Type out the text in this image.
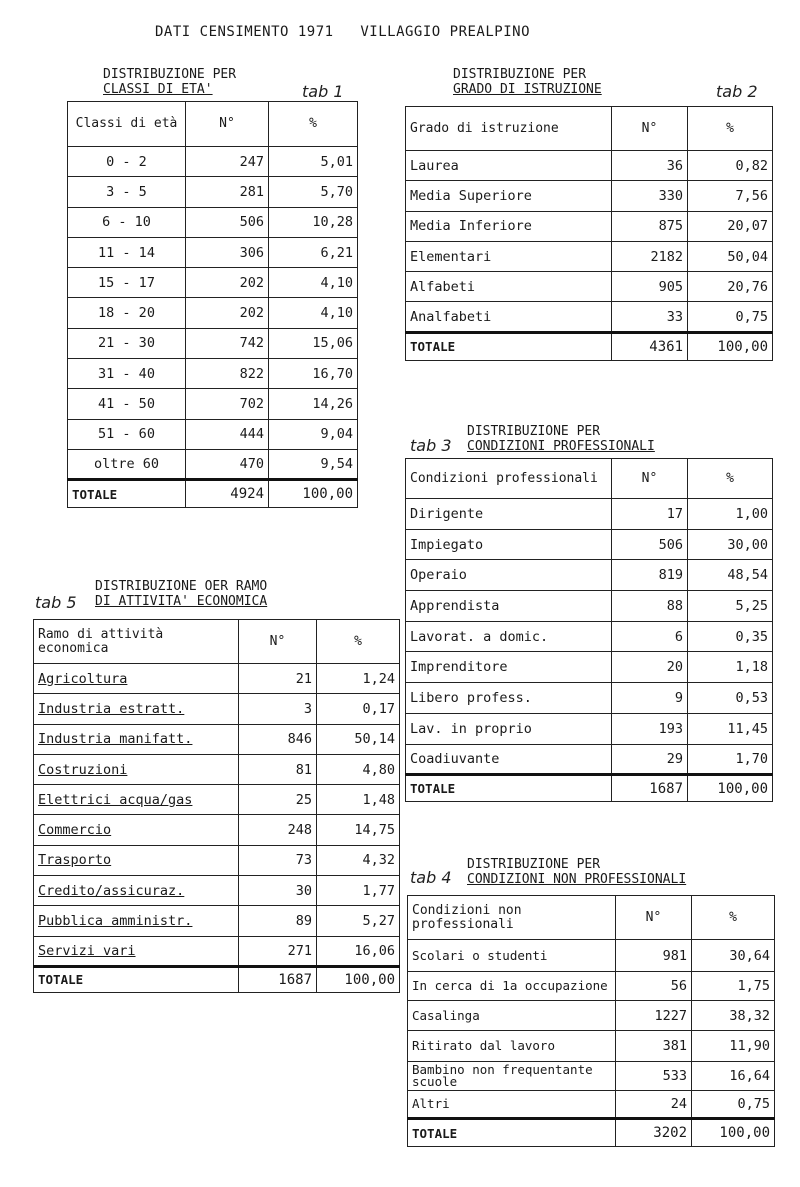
DATI CENSIMENTO 1971   VILLAGGIO PREALPINO
DISTRIBUZIONE PER
CLASSI DI ETA'	tab 1
Classi di età	N°	%
0 - 2	247	5,01
3 - 5	281	5,70
6 - 10	506	10,28
11 - 14	306	6,21
15 - 17	202	4,10
18 - 20	202	4,10
21 - 30	742	15,06
31 - 40	822	16,70
41 - 50	702	14,26
51 - 60	444	9,04
oltre 60	470	9,54
TOTALE	4924	100,00
DISTRIBUZIONE PER
GRADO DI ISTRUZIONE	tab 2
Grado di istruzione	N°	%
Laurea	36	0,82
Media Superiore	330	7,56
Media Inferiore	875	20,07
Elementari	2182	50,04
Alfabeti	905	20,76
Analfabeti	33	0,75
TOTALE	4361	100,00
DISTRIBUZIONE PER
CONDIZIONI PROFESSIONALI
tab 3
Condizioni professionali	N°	%
Dirigente	17	1,00
Impiegato	506	30,00
Operaio	819	48,54
Apprendista	88	5,25
Lavorat. a domic.	6	0,35
Imprenditore	20	1,18
Libero profess.	9	0,53
Lav. in proprio	193	11,45
Coadiuvante	29	1,70
TOTALE	1687	100,00
DISTRIBUZIONE OER RAMO
DI ATTIVITA' ECONOMICA
tab 5
Ramo di attività economica	N°	%
Agricoltura	21	1,24
Industria estratt.	3	0,17
Industria manifatt.	846	50,14
Costruzioni	81	4,80
Elettrici acqua/gas	25	1,48
Commercio	248	14,75
Trasporto	73	4,32
Credito/assicuraz.	30	1,77
Pubblica amministr.	89	5,27
Servizi vari	271	16,06
TOTALE	1687	100,00
DISTRIBUZIONE PER
CONDIZIONI NON PROFESSIONALI
tab 4
Condizioni non professionali	N°	%
Scolari o studenti	981	30,64
In cerca di 1a occupazione	56	1,75
Casalinga	1227	38,32
Ritirato dal lavoro	381	11,90
Bambino non frequentante scuole	533	16,64
Altri	24	0,75
TOTALE	3202	100,00
